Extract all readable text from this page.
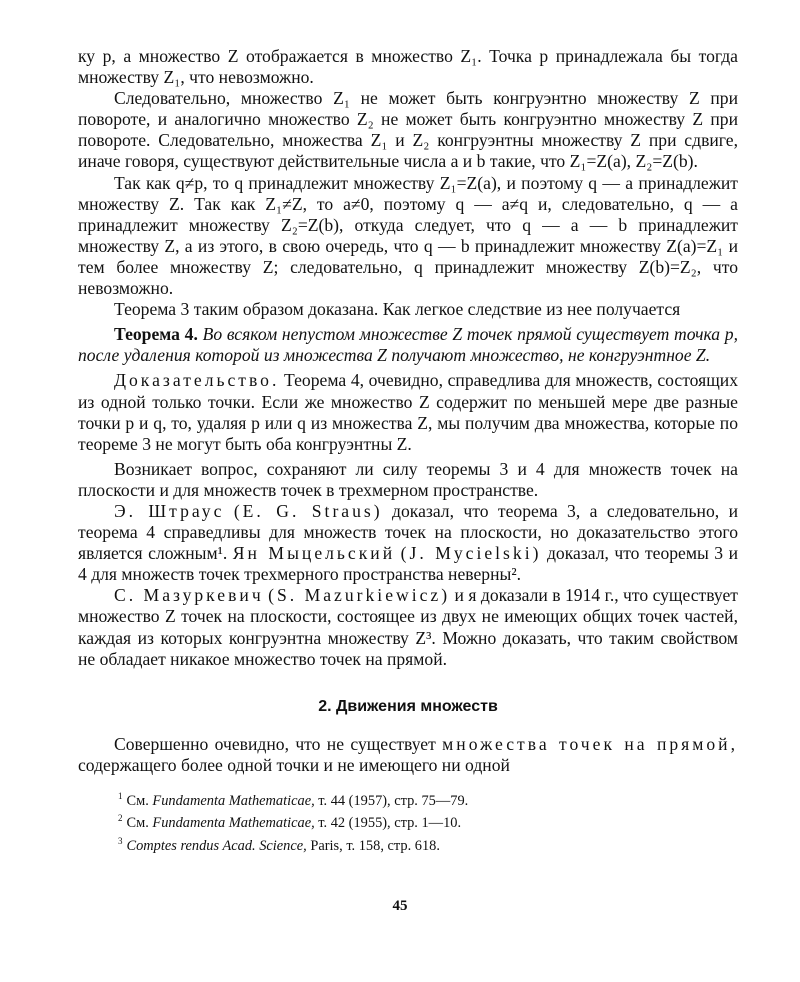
ку p, а множество Z отображается в множество Z₁. Точка p принадлежала бы тогда множеству Z₁, что невозможно.

Следовательно, множество Z₁ не может быть конгруэнтно множеству Z при повороте, и аналогично множество Z₂ не может быть конгруэнтно множеству Z при повороте. Следовательно, множества Z₁ и Z₂ конгруэнтны множеству Z при сдвиге, иначе говоря, существуют действительные числа a и b такие, что Z₁=Z(a), Z₂=Z(b).

Так как q≠p, то q принадлежит множеству Z₁=Z(a), и поэтому q — a принадлежит множеству Z. Так как Z₁≠Z, то a≠0, поэтому q — a≠q и, следовательно, q — a принадлежит множеству Z₂=Z(b), откуда следует, что q — a — b принадлежит множеству Z, а из этого, в свою очередь, что q — b принадлежит множеству Z(a)=Z₁ и тем более множеству Z; следовательно, q принадлежит множеству Z(b)=Z₂, что невозможно.

Теорема 3 таким образом доказана. Как легкое следствие из нее получается

Теорема 4. Во всяком непустом множестве Z точек прямой существует точка p, после удаления которой из множества Z получают множество, не конгруэнтное Z.

Доказательство. Теорема 4, очевидно, справедлива для множеств, состоящих из одной только точки. Если же множество Z содержит по меньшей мере две разные точки p и q, то, удаляя p или q из множества Z, мы получим два множества, которые по теореме 3 не могут быть оба конгруэнтны Z.

Возникает вопрос, сохраняют ли силу теоремы 3 и 4 для множеств точек на плоскости и для множеств точек в трехмерном пространстве.

Э. Штраус (E. G. Straus) доказал, что теорема 3, а следовательно, и теорема 4 справедливы для множеств точек на плоскости, но доказательство этого является сложным¹. Ян Мыцельский (J. Mycielski) доказал, что теоремы 3 и 4 для множеств точек трехмерного пространства неверны².

С. Мазуркевич (S. Mazurkiewicz) и я доказали в 1914 г., что существует множество Z точек на плоскости, состоящее из двух не имеющих общих точек частей, каждая из которых конгруэнтна множеству Z³. Можно доказать, что таким свойством не обладает никакое множество точек на прямой.

2. Движения множеств

Совершенно очевидно, что не существует множества точек на прямой, содержащего более одной точки и не имеющего ни одной

$^1$ См. Fundamenta Mathematicae, т. 44 (1957), стр. 75—79.
$^2$ См. Fundamenta Mathematicae, т. 42 (1955), стр. 1—10.
$^3$ Comptes rendus Acad. Science, Paris, т. 158, стр. 618.
45
